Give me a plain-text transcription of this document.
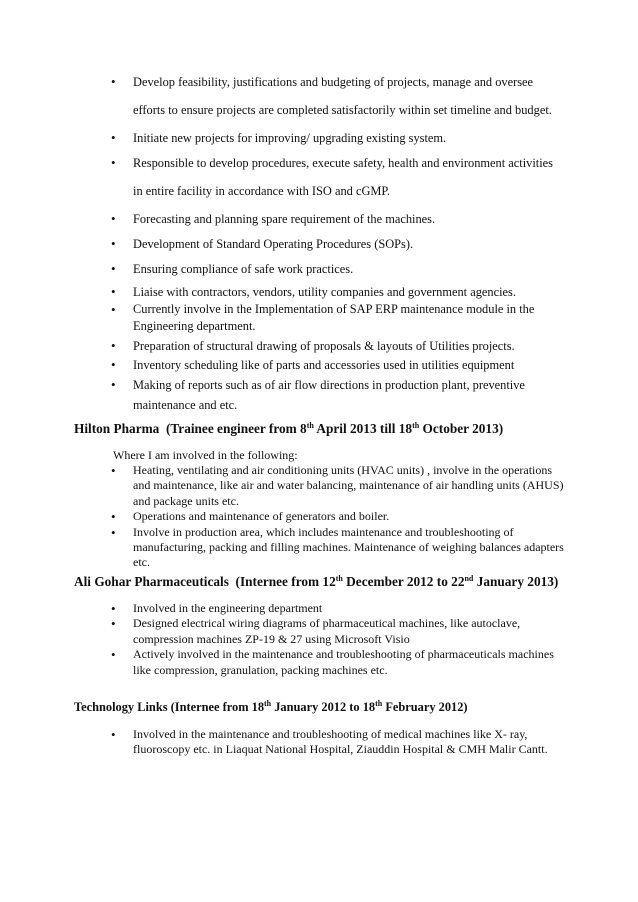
• Develop feasibility, justifications and budgeting of projects, manage and oversee efforts to ensure projects are completed satisfactorily within set timeline and budget.
• Initiate new projects for improving/ upgrading existing system.
• Responsible to develop procedures, execute safety, health and environment activities in entire facility in accordance with ISO and cGMP.
• Forecasting and planning spare requirement of the machines.
• Development of Standard Operating Procedures (SOPs).
• Ensuring compliance of safe work practices.
• Liaise with contractors, vendors, utility companies and government agencies.
• Currently involve in the Implementation of SAP ERP maintenance module in the Engineering department.
• Preparation of structural drawing of proposals & layouts of Utilities projects.
• Inventory scheduling like of parts and accessories used in utilities equipment
• Making of reports such as of air flow directions in production plant, preventive maintenance and etc.
Hilton Pharma (Trainee engineer from 8th April 2013 till 18th October 2013)
Where I am involved in the following:
• Heating, ventilating and air conditioning units (HVAC units) , involve in the operations and maintenance, like air and water balancing, maintenance of air handling units (AHUS) and package units etc.
• Operations and maintenance of generators and boiler.
• Involve in production area, which includes maintenance and troubleshooting of manufacturing, packing and filling machines. Maintenance of weighing balances adapters etc.
Ali Gohar Pharmaceuticals (Internee from 12th December 2012 to 22nd January 2013)
• Involved in the engineering department
• Designed electrical wiring diagrams of pharmaceutical machines, like autoclave, compression machines ZP-19 & 27 using Microsoft Visio
• Actively involved in the maintenance and troubleshooting of pharmaceuticals machines like compression, granulation, packing machines etc.
Technology Links (Internee from 18th January 2012 to 18th February 2012)
• Involved in the maintenance and troubleshooting of medical machines like X- ray, fluoroscopy etc. in Liaquat National Hospital, Ziauddin Hospital & CMH Malir Cantt.
